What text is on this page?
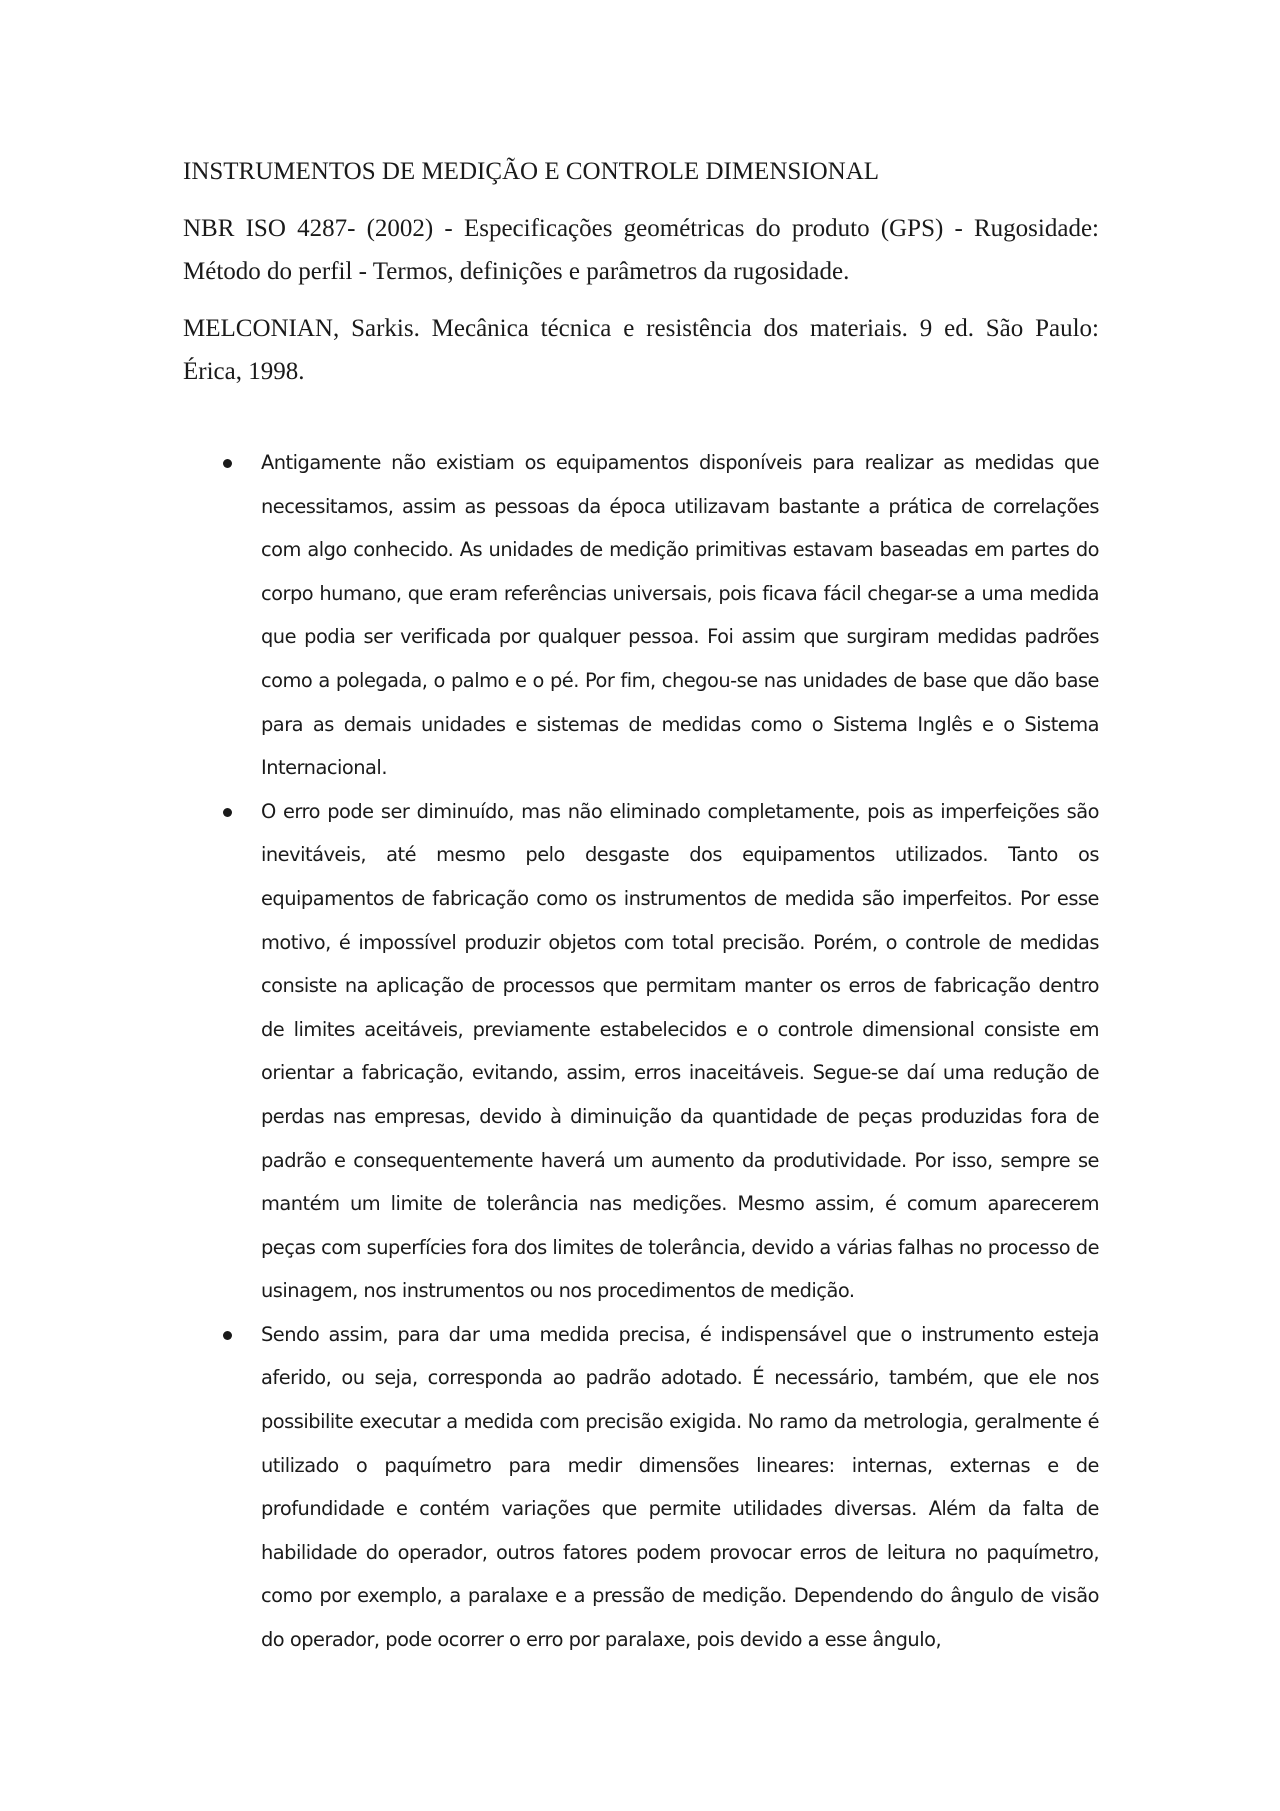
INSTRUMENTOS DE MEDIÇÃO E CONTROLE DIMENSIONAL

NBR ISO 4287- (2002) - Especificações geométricas do produto (GPS) - Rugosidade: Método do perfil - Termos, definições e parâmetros da rugosidade.

MELCONIAN, Sarkis. Mecânica técnica e resistência dos materiais. 9 ed. São Paulo: Érica, 1998.

Antigamente não existiam os equipamentos disponíveis para realizar as medidas que necessitamos, assim as pessoas da época utilizavam bastante a prática de correlações com algo conhecido. As unidades de medição primitivas estavam baseadas em partes do corpo humano, que eram referências universais, pois ficava fácil chegar-se a uma medida que podia ser verificada por qualquer pessoa. Foi assim que surgiram medidas padrões como a polegada, o palmo e o pé. Por fim, chegou-se nas unidades de base que dão base para as demais unidades e sistemas de medidas como o Sistema Inglês e o Sistema Internacional.
O erro pode ser diminuído, mas não eliminado completamente, pois as imperfeições são inevitáveis, até mesmo pelo desgaste dos equipamentos utilizados. Tanto os equipamentos de fabricação como os instrumentos de medida são imperfeitos. Por esse motivo, é impossível produzir objetos com total precisão. Porém, o controle de medidas consiste na aplicação de processos que permitam manter os erros de fabricação dentro de limites aceitáveis, previamente estabelecidos e o controle dimensional consiste em orientar a fabricação, evitando, assim, erros inaceitáveis. Segue-se daí uma redução de perdas nas empresas, devido à diminuição da quantidade de peças produzidas fora de padrão e consequentemente haverá um aumento da produtividade. Por isso, sempre se mantém um limite de tolerância nas medições. Mesmo assim, é comum aparecerem peças com superfícies fora dos limites de tolerância, devido a várias falhas no processo de usinagem, nos instrumentos ou nos procedimentos de medição.
Sendo assim, para dar uma medida precisa, é indispensável que o instrumento esteja aferido, ou seja, corresponda ao padrão adotado. É necessário, também, que ele nos possibilite executar a medida com precisão exigida. No ramo da metrologia, geralmente é utilizado o paquímetro para medir dimensões lineares: internas, externas e de profundidade e contém variações que permite utilidades diversas. Além da falta de habilidade do operador, outros fatores podem provocar erros de leitura no paquímetro, como por exemplo, a paralaxe e a pressão de medição. Dependendo do ângulo de visão do operador, pode ocorrer o erro por paralaxe, pois devido a esse ângulo,
